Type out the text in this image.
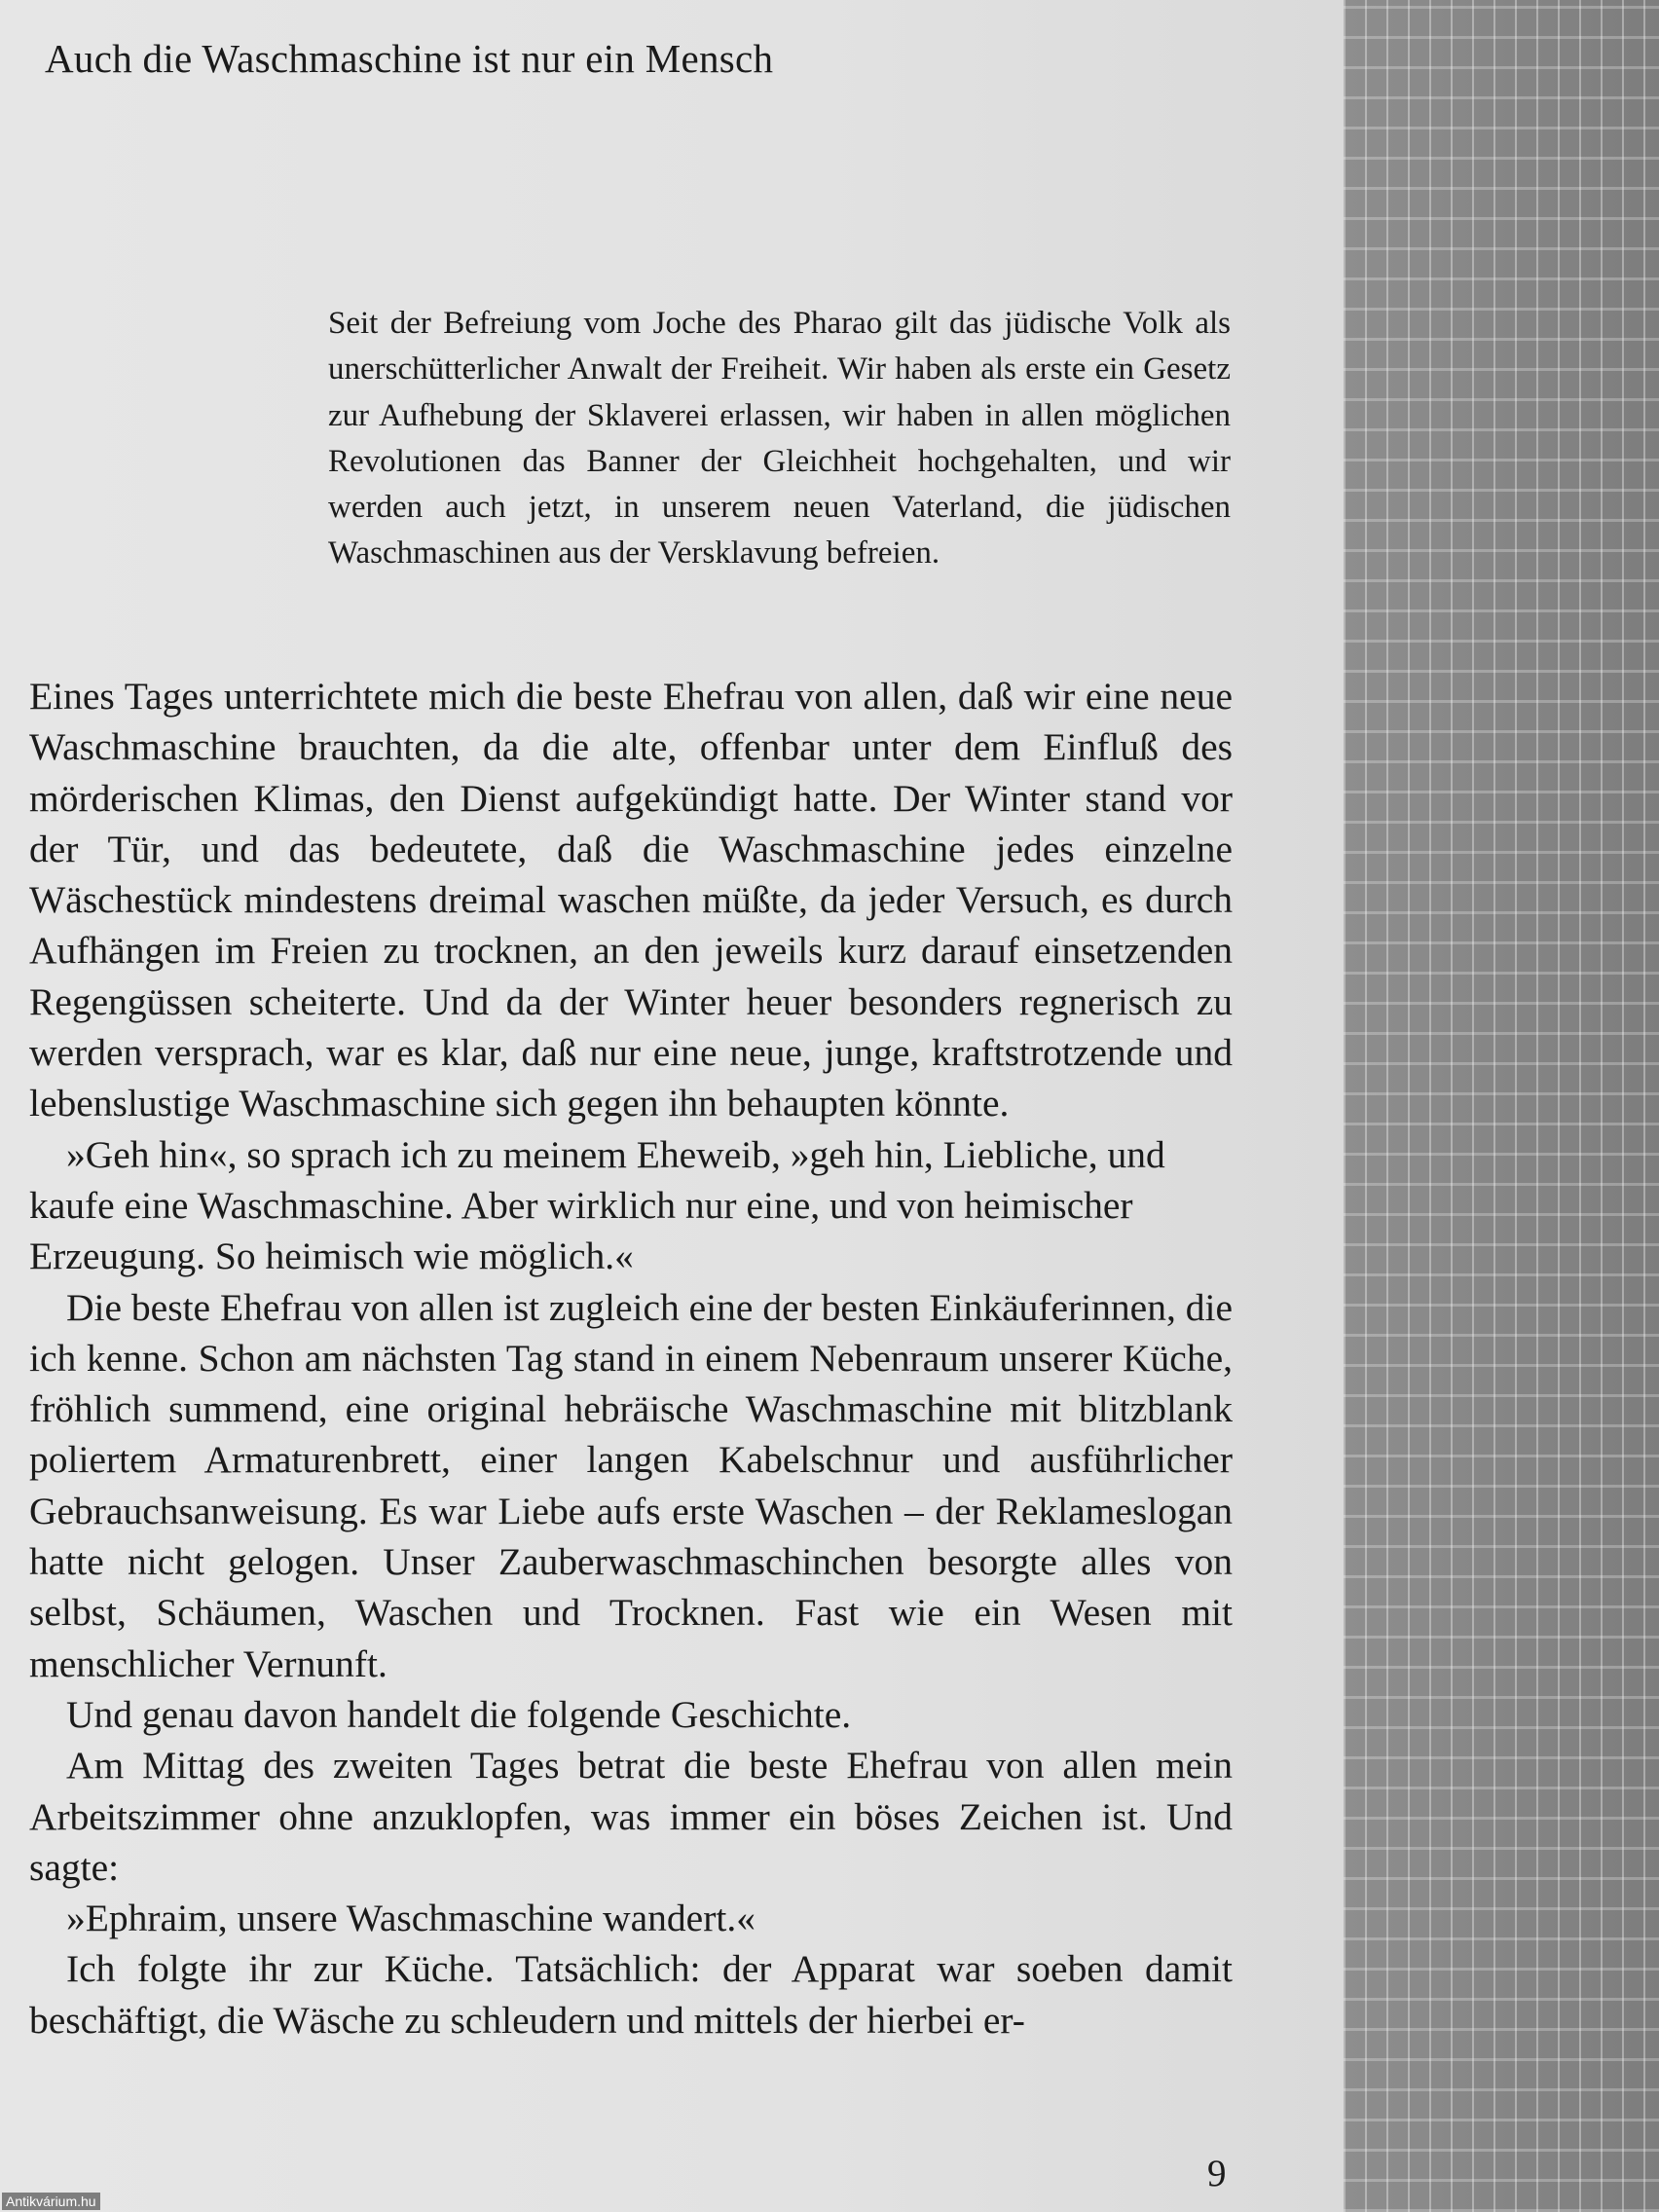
Auch die Waschmaschine ist nur ein Mensch

Seit der Befreiung vom Joche des Pharao gilt das jüdische Volk als unerschütterlicher Anwalt der Freiheit. Wir haben als erste ein Gesetz zur Aufhebung der Sklaverei erlassen, wir haben in allen möglichen Revolutionen das Banner der Gleichheit hochgehalten, und wir werden auch jetzt, in unserem neuen Vaterland, die jüdischen Waschmaschinen aus der Versklavung befreien.

Eines Tages unterrichtete mich die beste Ehefrau von allen, daß wir eine neue Waschmaschine brauchten, da die alte, offenbar unter dem Einfluß des mörderischen Klimas, den Dienst aufgekündigt hatte. Der Winter stand vor der Tür, und das bedeutete, daß die Waschmaschine jedes einzelne Wäschestück mindestens dreimal waschen müßte, da jeder Versuch, es durch Aufhängen im Freien zu trocknen, an den jeweils kurz darauf einsetzenden Regengüssen scheiterte. Und da der Winter heuer besonders regnerisch zu werden versprach, war es klar, daß nur eine neue, junge, kraftstrotzende und lebenslustige Waschmaschine sich gegen ihn behaupten könnte.

»Geh hin«, so sprach ich zu meinem Eheweib, »geh hin, Liebliche, und kaufe eine Waschmaschine. Aber wirklich nur eine, und von heimischer Erzeugung. So heimisch wie möglich.«

Die beste Ehefrau von allen ist zugleich eine der besten Einkäuferinnen, die ich kenne. Schon am nächsten Tag stand in einem Nebenraum unserer Küche, fröhlich summend, eine original hebräische Waschmaschine mit blitzblank poliertem Armaturenbrett, einer langen Kabelschnur und ausführlicher Gebrauchsanweisung. Es war Liebe aufs erste Waschen – der Reklameslogan hatte nicht gelogen. Unser Zauberwaschmaschinchen besorgte alles von selbst, Schäumen, Waschen und Trocknen. Fast wie ein Wesen mit menschlicher Vernunft.

Und genau davon handelt die folgende Geschichte.

Am Mittag des zweiten Tages betrat die beste Ehefrau von allen mein Arbeitszimmer ohne anzuklopfen, was immer ein böses Zeichen ist. Und sagte:

»Ephraim, unsere Waschmaschine wandert.«

Ich folgte ihr zur Küche. Tatsächlich: der Apparat war soeben damit beschäftigt, die Wäsche zu schleudern und mittels der hierbei er-

9
Antikvárium.hu
